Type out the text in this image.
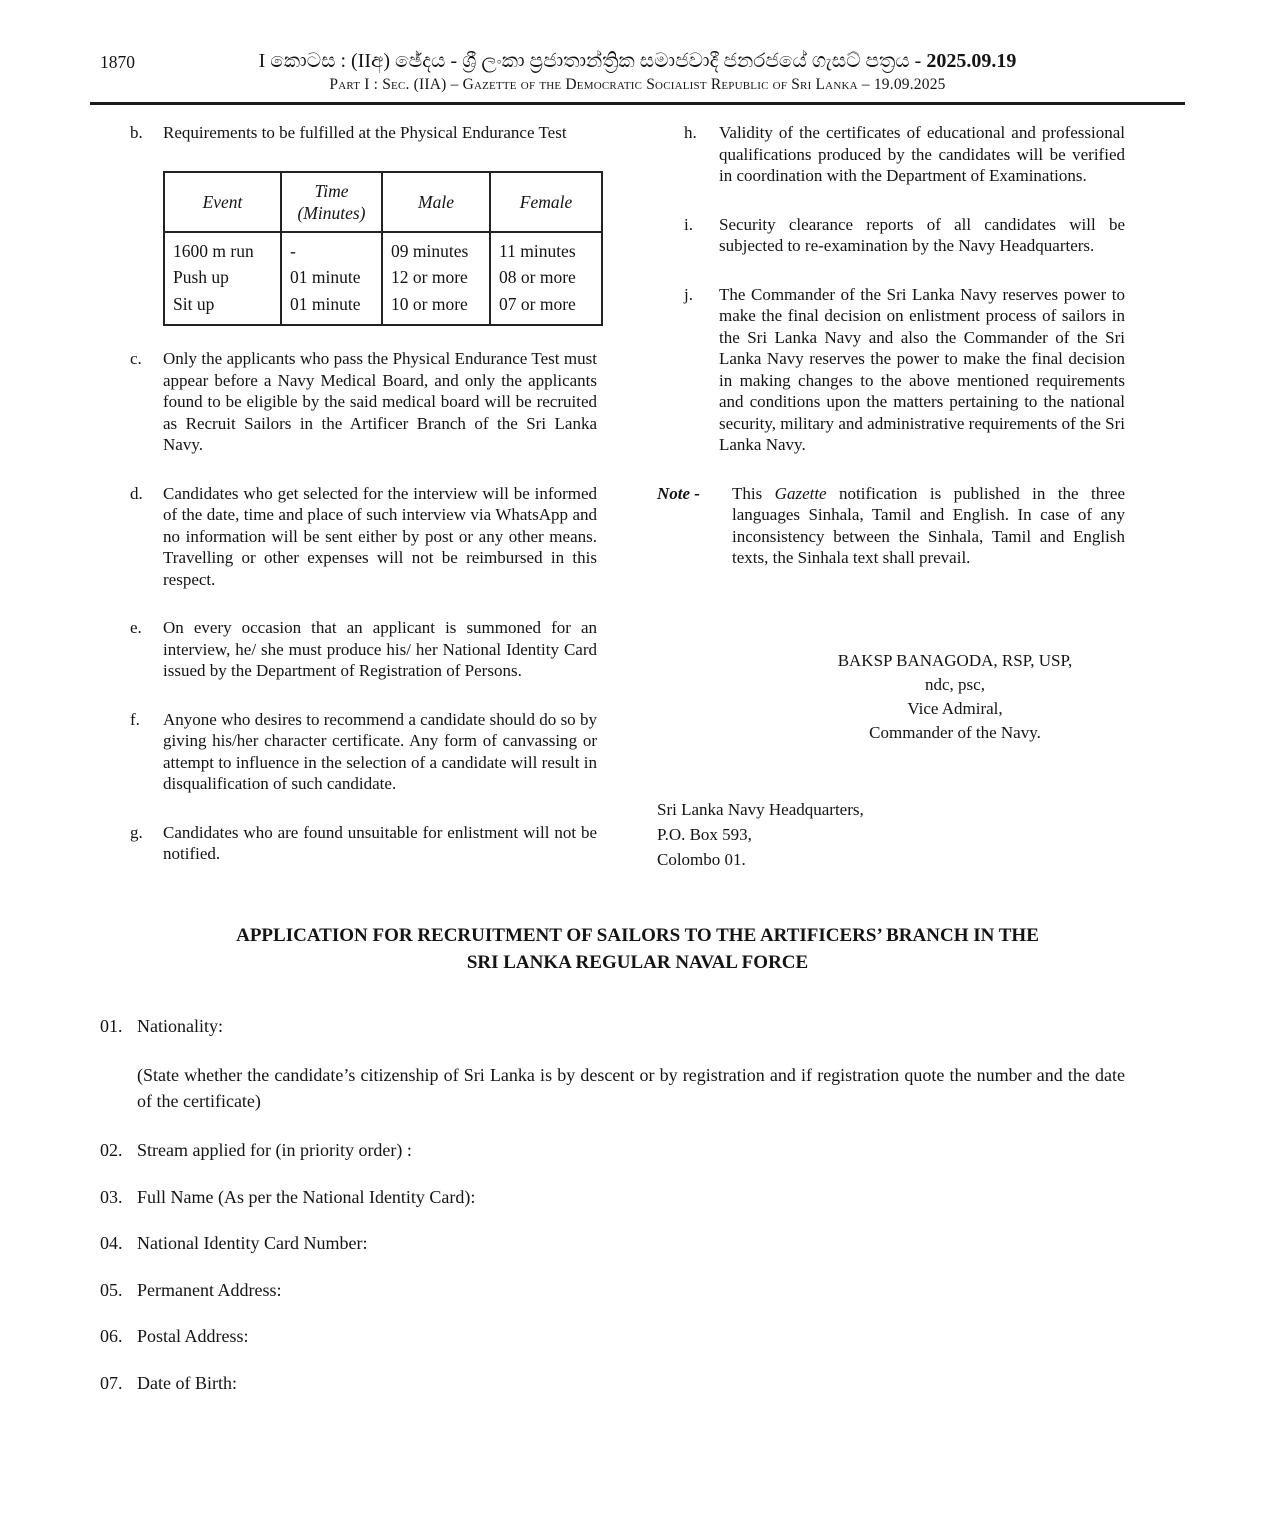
1870	I කොටස : (IIඅ) ඡේදය - ශ්‍රී ලංකා ප්‍රජාතාන්ත්‍රික සමාජවාදී ජනරජයේ ගැසට් පත්‍රය - 2025.09.19
Part I : Sec. (IIA) – Gazette of the Democratic Socialist Republic of Sri Lanka – 19.09.2025
b.	Requirements to be fulfilled at the Physical Endurance Test
Event	Time (Minutes)	Male	Female
1600 m run	-	09 minutes	11 minutes
Push up	01 minute	12 or more	08 or more
Sit up	01 minute	10 or more	07 or more
c.	Only the applicants who pass the Physical Endurance Test must appear before a Navy Medical Board, and only the applicants found to be eligible by the said medical board will be recruited as Recruit Sailors in the Artificer Branch of the Sri Lanka Navy.
d.	Candidates who get selected for the interview will be informed of the date, time and place of such interview via WhatsApp and no information will be sent either by post or any other means. Travelling or other expenses will not be reimbursed in this respect.
e.	On every occasion that an applicant is summoned for an interview, he/ she must produce his/ her National Identity Card issued by the Department of Registration of Persons.
f.	Anyone who desires to recommend a candidate should do so by giving his/her character certificate. Any form of canvassing or attempt to influence in the selection of a candidate will result in disqualification of such candidate.
g.	Candidates who are found unsuitable for enlistment will not be notified.
h.	Validity of the certificates of educational and professional qualifications produced by the candidates will be verified in coordination with the Department of Examinations.
i.	Security clearance reports of all candidates will be subjected to re-examination by the Navy Headquarters.
j.	The Commander of the Sri Lanka Navy reserves power to make the final decision on enlistment process of sailors in the Sri Lanka Navy and also the Commander of the Sri Lanka Navy reserves the power to make the final decision in making changes to the above mentioned requirements and conditions upon the matters pertaining to the national security, military and administrative requirements of the Sri Lanka Navy.
Note -	This Gazette notification is published in the three languages Sinhala, Tamil and English. In case of any inconsistency between the Sinhala, Tamil and English texts, the Sinhala text shall prevail.
BAKSP BANAGODA, RSP, USP,
ndc, psc,
Vice Admiral,
Commander of the Navy.
Sri Lanka Navy Headquarters,
P.O. Box 593,
Colombo 01.
APPLICATION FOR RECRUITMENT OF SAILORS TO THE ARTIFICERS’ BRANCH IN THE
SRI LANKA REGULAR NAVAL FORCE
01. Nationality:
(State whether the candidate’s citizenship of Sri Lanka is by descent or by registration and if registration quote the number and the date of the certificate)
02. Stream applied for (in priority order) :
03. Full Name (As per the National Identity Card):
04. National Identity Card Number:
05. Permanent Address:
06. Postal Address:
07. Date of Birth:
